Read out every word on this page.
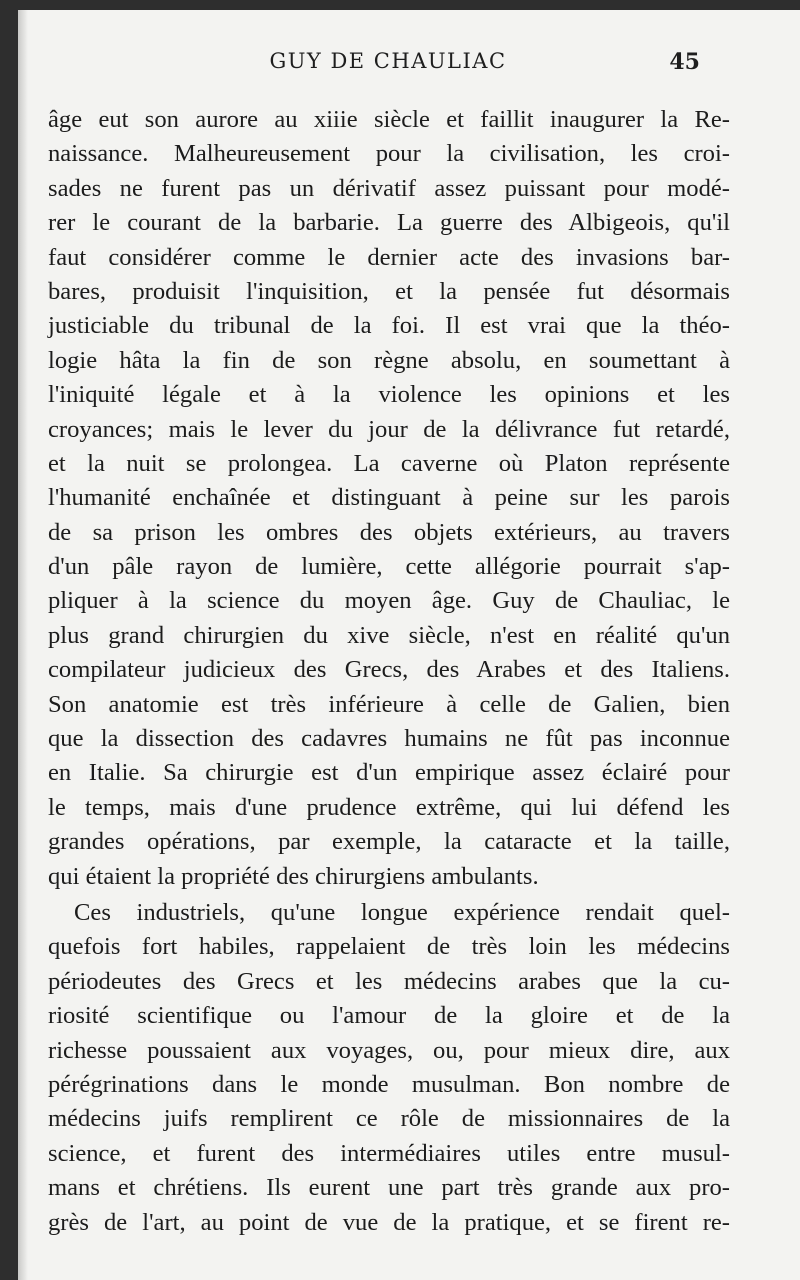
GUY DE CHAULIAC	45
âge eut son aurore au xiiie siècle et faillit inaugurer la Re-
naissance. Malheureusement pour la civilisation, les croi-
sades ne furent pas un dérivatif assez puissant pour modé-
rer le courant de la barbarie. La guerre des Albigeois, qu'il
faut considérer comme le dernier acte des invasions bar-
bares, produisit l'inquisition, et la pensée fut désormais
justiciable du tribunal de la foi. Il est vrai que la théo-
logie hâta la fin de son règne absolu, en soumettant à
l'iniquité légale et à la violence les opinions et les
croyances; mais le lever du jour de la délivrance fut retardé,
et la nuit se prolongea. La caverne où Platon représente
l'humanité enchaînée et distinguant à peine sur les parois
de sa prison les ombres des objets extérieurs, au travers
d'un pâle rayon de lumière, cette allégorie pourrait s'ap-
pliquer à la science du moyen âge. Guy de Chauliac, le
plus grand chirurgien du xive siècle, n'est en réalité qu'un
compilateur judicieux des Grecs, des Arabes et des Italiens.
Son anatomie est très inférieure à celle de Galien, bien
que la dissection des cadavres humains ne fût pas inconnue
en Italie. Sa chirurgie est d'un empirique assez éclairé pour
le temps, mais d'une prudence extrême, qui lui défend les
grandes opérations, par exemple, la cataracte et la taille,
qui étaient la propriété des chirurgiens ambulants.
Ces industriels, qu'une longue expérience rendait quel-
quefois fort habiles, rappelaient de très loin les médecins
périodeutes des Grecs et les médecins arabes que la cu-
riosité scientifique ou l'amour de la gloire et de la
richesse poussaient aux voyages, ou, pour mieux dire, aux
pérégrinations dans le monde musulman. Bon nombre de
médecins juifs remplirent ce rôle de missionnaires de la
science, et furent des intermédiaires utiles entre musul-
mans et chrétiens. Ils eurent une part très grande aux pro-
grès de l'art, au point de vue de la pratique, et se firent re-
